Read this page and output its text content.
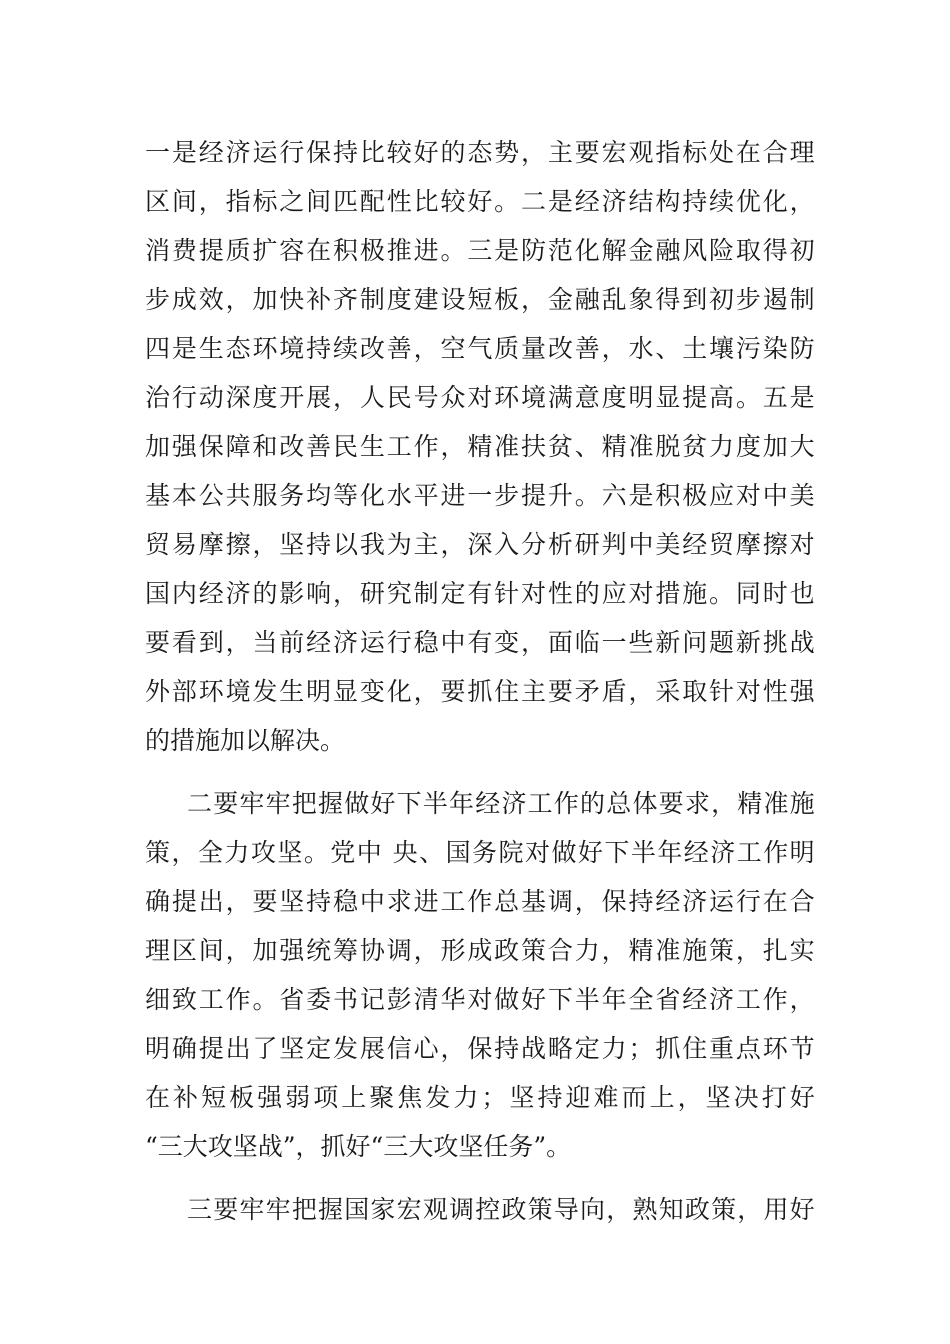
一 是 经 济 运 行 保 持 比 较 好 的 态 势 ， 主 要 宏 观 指 标 处 在 合 理
区 间 ， 指 标 之 间 匹 配 性 比 较 好 。 二 是 经 济 结 构 持 续 优 化 ，
消 费 提 质 扩 容 在 积 极 推 进 。 三 是 防 范 化 解 金 融 风 险 取 得 初
步 成 效 ， 加 快 补 齐 制 度 建 设 短 板 ， 金 融 乱 象 得 到 初 步 遏 制
四 是 生 态 环 境 持 续 改 善 ， 空 气 质 量 改 善 ， 水 、 土 壤 污 染 防
治 行 动 深 度 开 展 ， 人 民 号 众 对 环 境 满 意 度 明 显 提 高 。 五 是
加 强 保 障 和 改 善 民 生 工 作 ， 精 准 扶 贫 、 精 准 脱 贫 力 度 加 大
基 本 公 共 服 务 均 等 化 水 平 进 一 步 提 升 。 六 是 积 极 应 对 中 美
贸 易 摩 擦 ， 坚 持 以 我 为 主 ， 深 入 分 析 研 判 中 美 经 贸 摩 擦 对
国 内 经 济 的 影 响 ， 研 究 制 定 有 针 对 性 的 应 对 措 施 。 同 时 也
要 看 到 ， 当 前 经 济 运 行 稳 中 有 变 ， 面 临 一 些 新 问 题 新 挑 战
外 部 环 境 发 生 明 显 变 化 ， 要 抓 住 主 要 矛 盾 ， 采 取 针 对 性 强
的措施加以解决。
二 要 牢 牢 把 握 做 好 下 半 年 经 济 工 作 的 总 体 要 求 ， 精 准 施
策 ， 全 力 攻 坚 。 党 中
央 、 国 务 院 对 做 好 下 半 年 经 济 工 作 明
确 提 出 ， 要 坚 持 稳 中 求 进 工 作 总 基 调 ， 保 持 经 济 运 行 在 合
理 区 间 ， 加 强 统 筹 协 调 ， 形 成 政 策 合 力 ， 精 准 施 策 ， 扎 实
细 致 工 作 。 省 委 书 记 彭 清 华 对 做 好 下 半 年 全 省 经 济 工 作 ，
明 确 提 出 了 坚 定 发 展 信 心 ， 保 持 战 略 定 力 ； 抓 住 重 点 环 节
在 补 短 板 强 弱 项 上 聚 焦 发 力 ； 坚 持 迎 难 而 上 ， 坚 决 打 好
“三大攻坚战”，抓好“三大攻坚任务”。
三 要 牢 牢 把 握 国 家 宏 观 调 控 政 策 导 向 ， 熟 知 政 策 ， 用 好
